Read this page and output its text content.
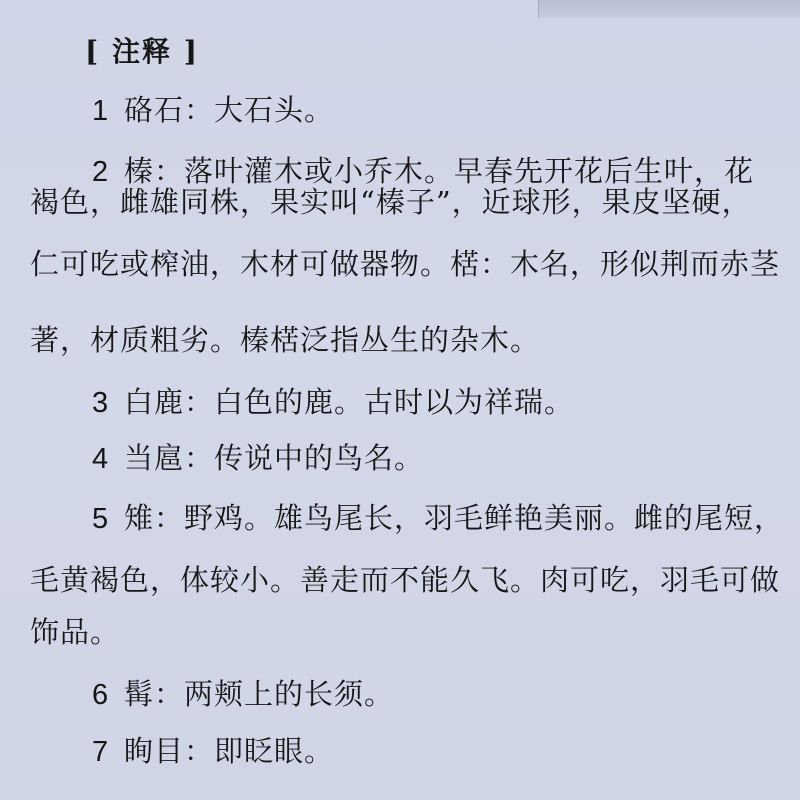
[ 注释 ]
1 硌石：大石头。
2 榛：落叶灌木或小乔木。早春先开花后生叶，花
褐色，雌雄同株，果实叫“榛子”，近球形，果皮坚硬，
仁可吃或榨油，木材可做器物。楛：木名，形似荆而赤茎
著，材质粗劣。榛楛泛指丛生的杂木。
3 白鹿：白色的鹿。古时以为祥瑞。
4 当扈：传说中的鸟名。
5 雉：野鸡。雄鸟尾长，羽毛鲜艳美丽。雌的尾短，
毛黄褐色，体较小。善走而不能久飞。肉可吃，羽毛可做
饰品。
6 髯：两颊上的长须。
7 眴目：即眨眼。
